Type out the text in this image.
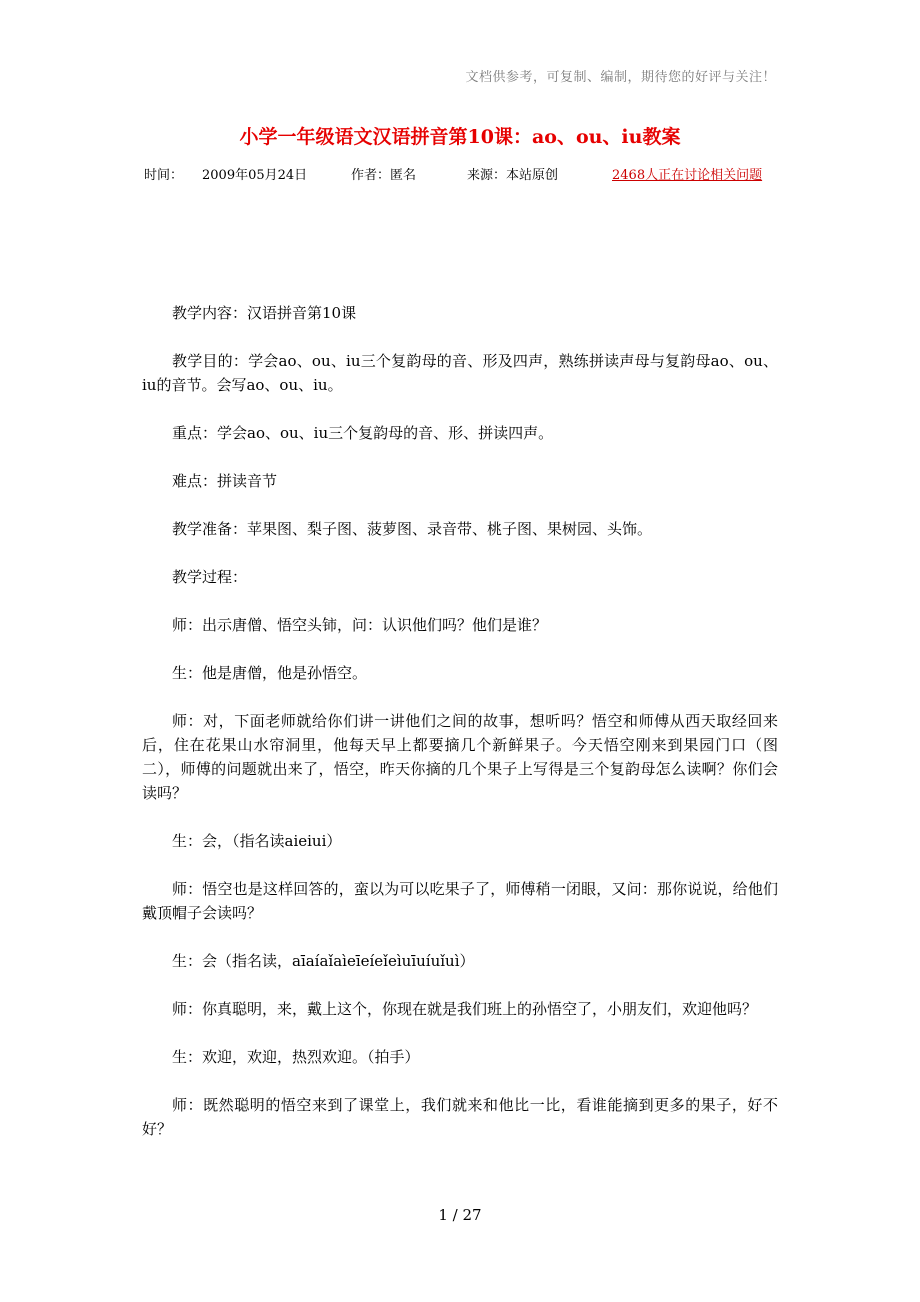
文档供参考，可复制、编制，期待您的好评与关注！
小学一年级语文汉语拼音第10课：ao、ou、iu教案
时间： 2009年05月24日	作者：匿名	来源：本站原创	2468人正在讨论相关问题

教学内容：汉语拼音第10课

教学目的：学会ao、ou、iu三个复韵母的音、形及四声，熟练拼读声母与复韵母ao、ou、iu的音节。会写ao、ou、iu。

重点：学会ao、ou、iu三个复韵母的音、形、拼读四声。

难点：拼读音节

教学准备：苹果图、梨子图、菠萝图、录音带、桃子图、果树园、头饰。

教学过程：

师：出示唐僧、悟空头铈，问：认识他们吗？他们是谁？

生：他是唐僧，他是孙悟空。

师：对，下面老师就给你们讲一讲他们之间的故事，想听吗？悟空和师傅从西天取经回来后，住在花果山水帘洞里，他每天早上都要摘几个新鲜果子。今天悟空刚来到果园门口（图二），师傅的问题就出来了，悟空，昨天你摘的几个果子上写得是三个复韵母怎么读啊？你们会读吗？

生：会，（指名读aieiui）

师：悟空也是这样回答的，蛮以为可以吃果子了，师傅稍一闭眼，又问：那你说说，给他们戴顶帽子会读吗？

生：会（指名读，aīaíaǐaìeīeíeǐeìuīuíuǐuì）

师：你真聪明，来，戴上这个，你现在就是我们班上的孙悟空了，小朋友们，欢迎他吗？

生：欢迎，欢迎，热烈欢迎。（拍手）

师：既然聪明的悟空来到了课堂上，我们就来和他比一比，看谁能摘到更多的果子，好不好？

1 / 27
